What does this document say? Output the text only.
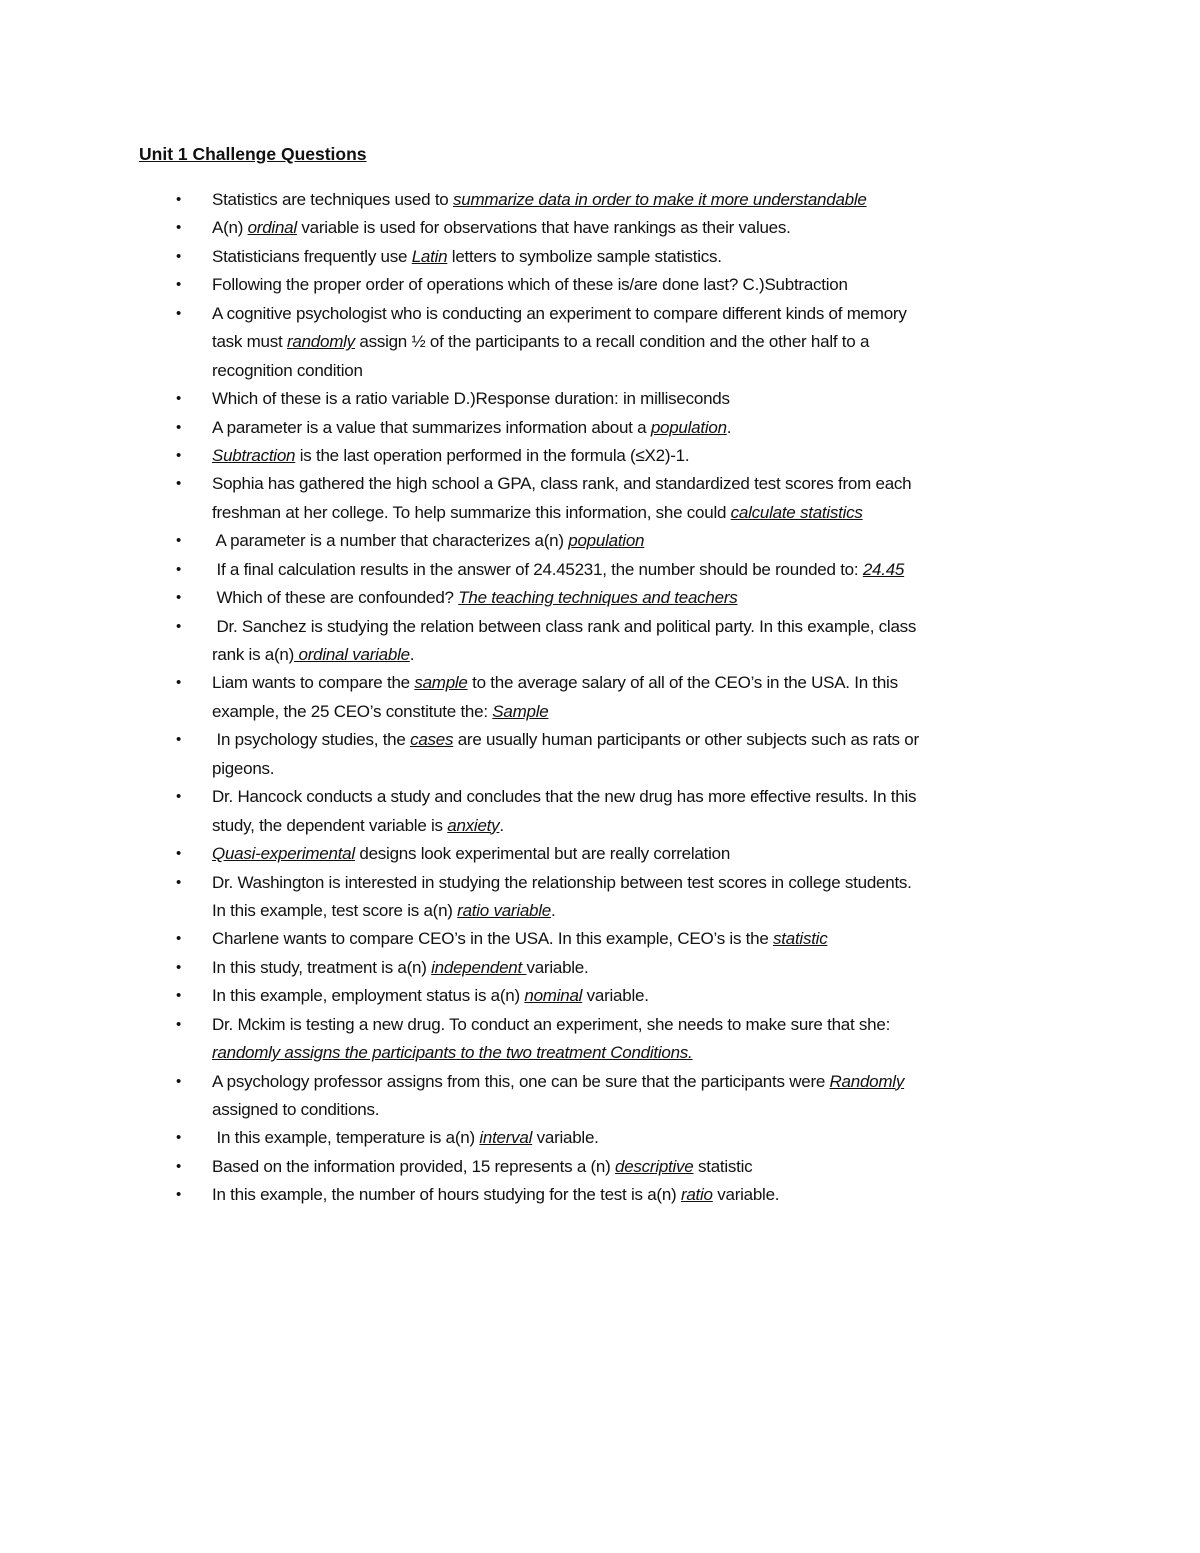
Unit 1 Challenge Questions
•	Statistics are techniques used to summarize data in order to make it more understandable
•	A(n) ordinal variable is used for observations that have rankings as their values.
•	Statisticians frequently use Latin letters to symbolize sample statistics.
•	Following the proper order of operations which of these is/are done last? C.)Subtraction
•	A cognitive psychologist who is conducting an experiment to compare different kinds of memory
task must randomly assign ½ of the participants to a recall condition and the other half to a
recognition condition
•	Which of these is a ratio variable D.)Response duration: in milliseconds
•	A parameter is a value that summarizes information about a population.
•	Subtraction is the last operation performed in the formula (≤X2)-1.
•	Sophia has gathered the high school a GPA, class rank, and standardized test scores from each
freshman at her college. To help summarize this information, she could calculate statistics
•	A parameter is a number that characterizes a(n) population
•	If a final calculation results in the answer of 24.45231, the number should be rounded to: 24.45
•	Which of these are confounded? The teaching techniques and teachers
•	Dr. Sanchez is studying the relation between class rank and political party. In this example, class
rank is a(n) ordinal variable.
•	Liam wants to compare the sample to the average salary of all of the CEO’s in the USA. In this
example, the 25 CEO’s constitute the: Sample
•	In psychology studies, the cases are usually human participants or other subjects such as rats or
pigeons.
•	Dr. Hancock conducts a study and concludes that the new drug has more effective results. In this
study, the dependent variable is anxiety.
•	Quasi-experimental designs look experimental but are really correlation
•	Dr. Washington is interested in studying the relationship between test scores in college students.
In this example, test score is a(n) ratio variable.
•	Charlene wants to compare CEO’s in the USA. In this example, CEO’s is the statistic
•	In this study, treatment is a(n) independent variable.
•	In this example, employment status is a(n) nominal variable.
•	Dr. Mckim is testing a new drug. To conduct an experiment, she needs to make sure that she:
randomly assigns the participants to the two treatment Conditions.
•	A psychology professor assigns from this, one can be sure that the participants were Randomly
assigned to conditions.
•	In this example, temperature is a(n) interval variable.
•	Based on the information provided, 15 represents a (n) descriptive statistic
•	In this example, the number of hours studying for the test is a(n) ratio variable.
